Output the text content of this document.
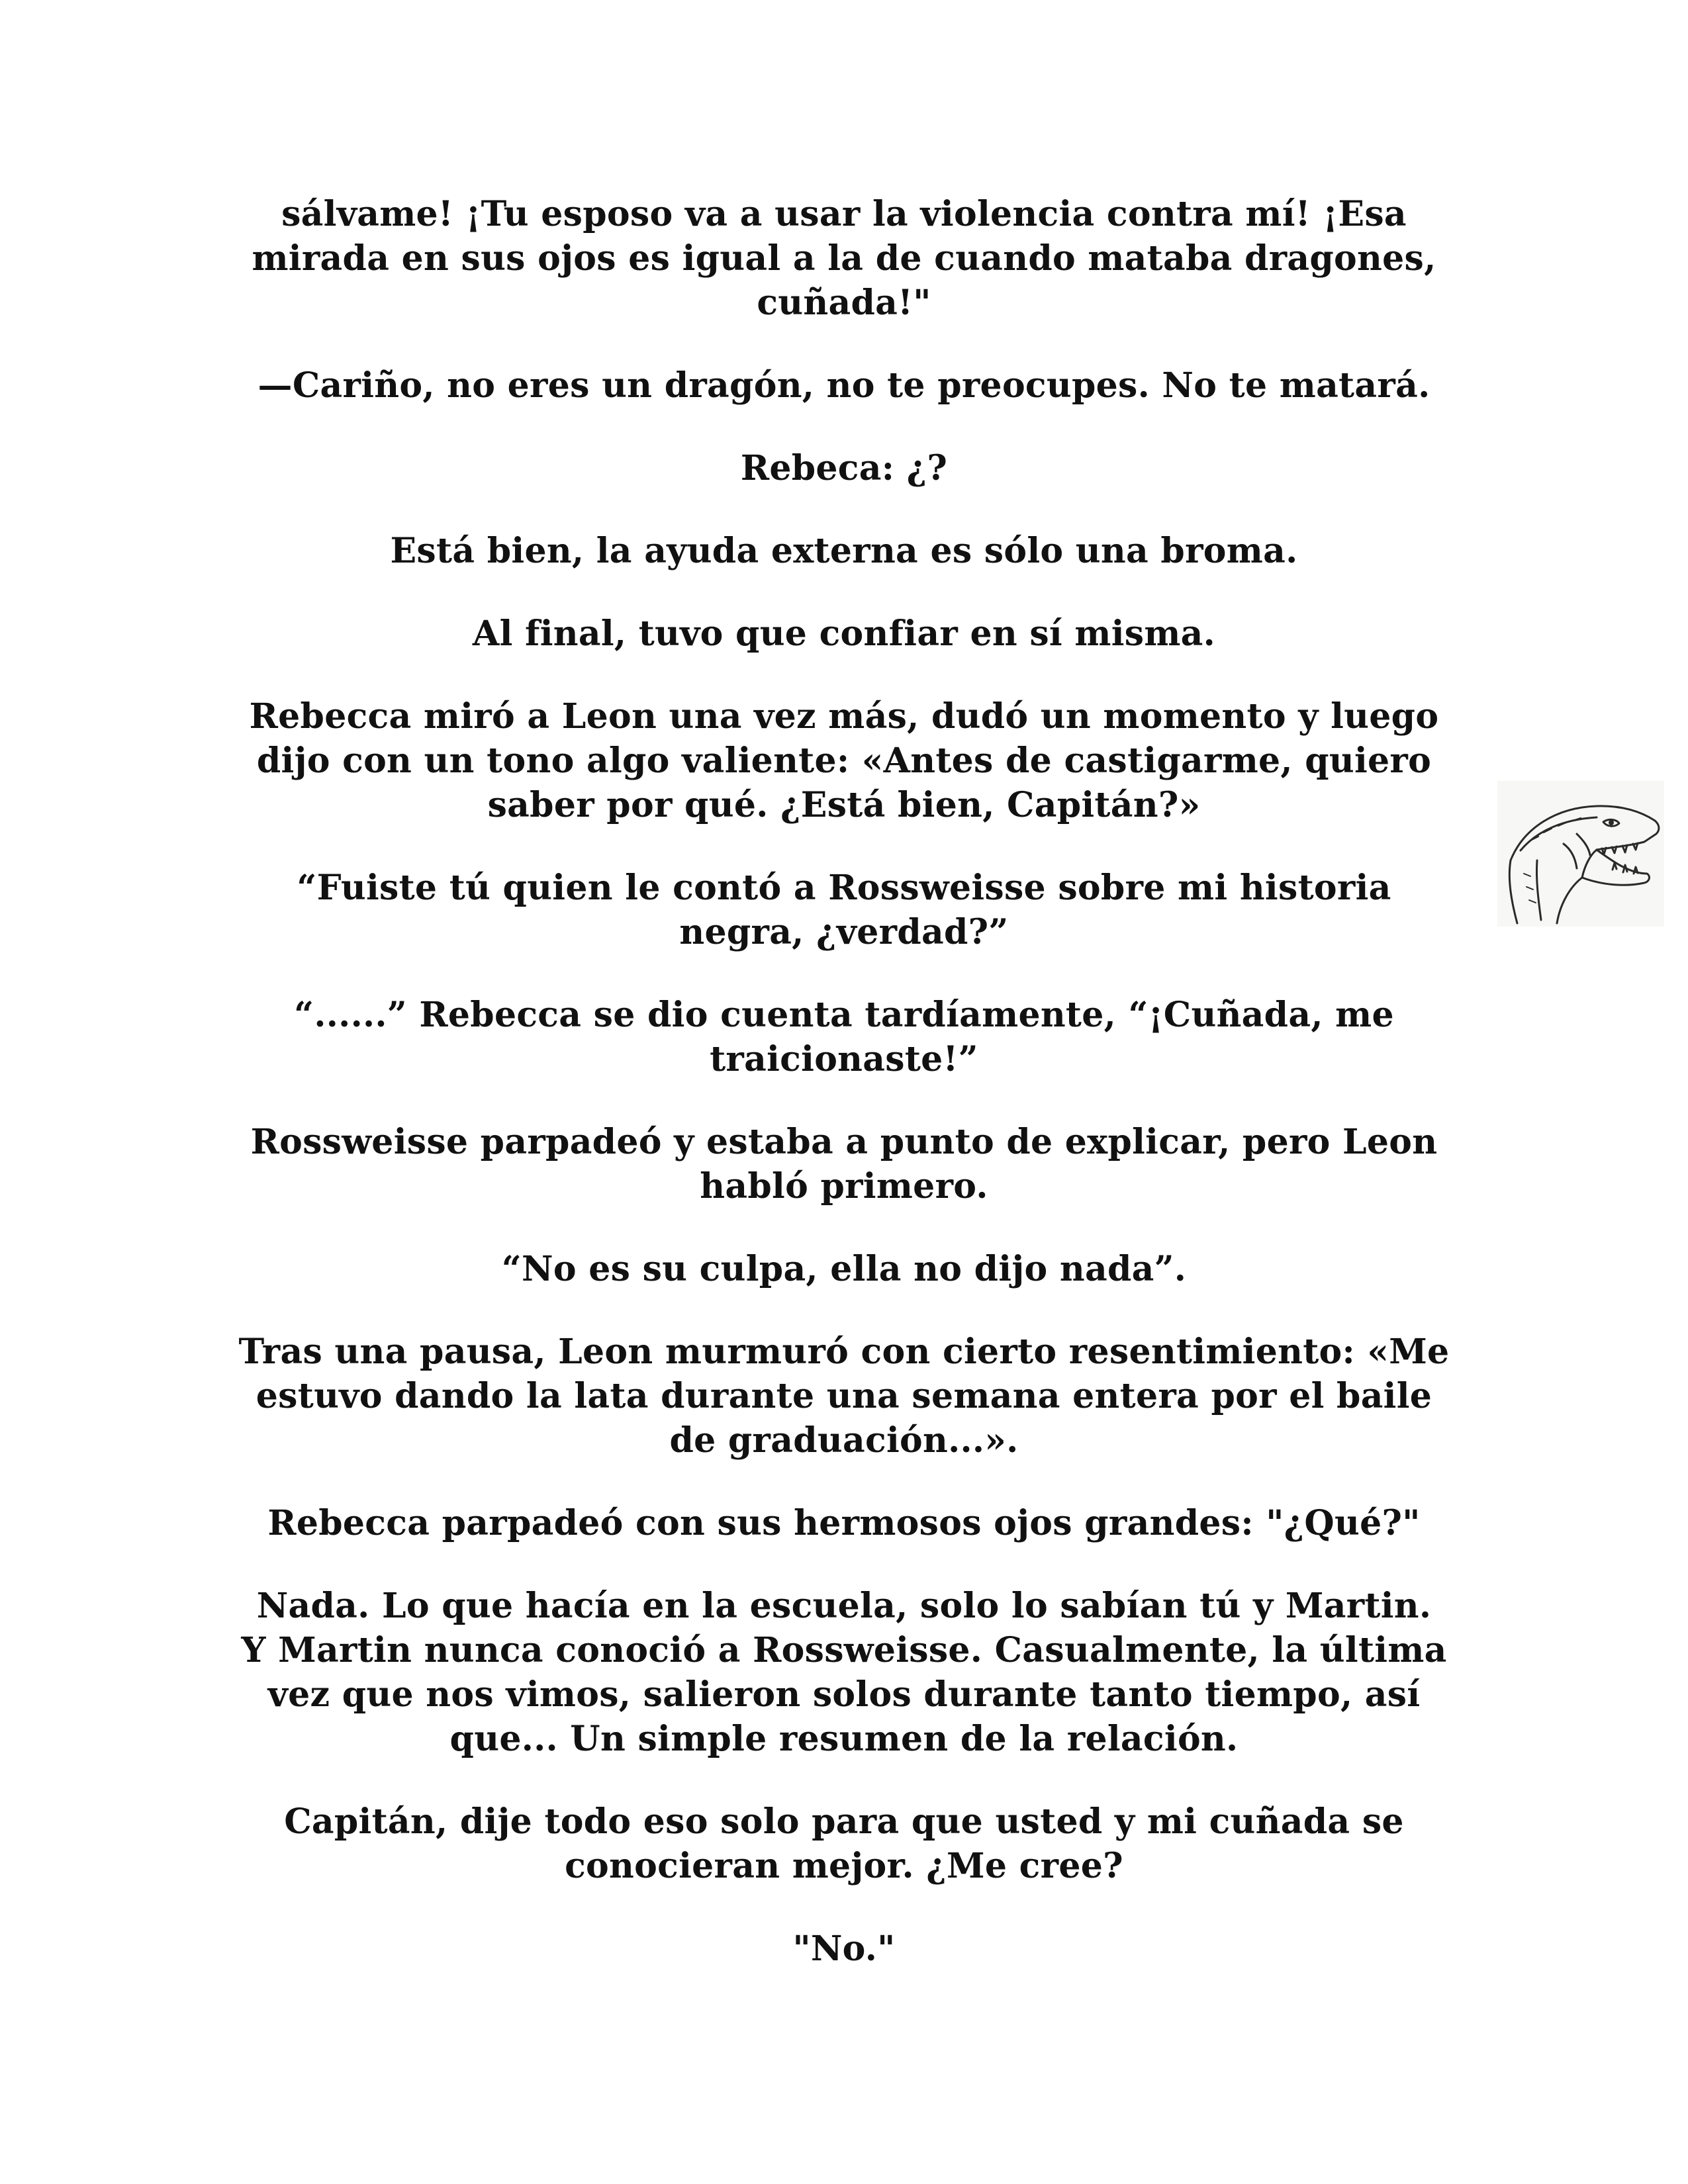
sálvame! ¡Tu esposo va a usar la violencia contra mí! ¡Esa mirada en sus ojos es igual a la de cuando mataba dragones, cuñada!"

—Cariño, no eres un dragón, no te preocupes. No te matará.

Rebeca: ¿?

Está bien, la ayuda externa es sólo una broma.

Al final, tuvo que confiar en sí misma.

Rebecca miró a Leon una vez más, dudó un momento y luego dijo con un tono algo valiente: «Antes de castigarme, quiero saber por qué. ¿Está bien, Capitán?»

“Fuiste tú quien le contó a Rossweisse sobre mi historia negra, ¿verdad?”

“......” Rebecca se dio cuenta tardíamente, “¡Cuñada, me traicionaste!”

Rossweisse parpadeó y estaba a punto de explicar, pero Leon habló primero.

“No es su culpa, ella no dijo nada”.

Tras una pausa, Leon murmuró con cierto resentimiento: «Me estuvo dando la lata durante una semana entera por el baile de graduación...».

Rebecca parpadeó con sus hermosos ojos grandes: "¿Qué?"

Nada. Lo que hacía en la escuela, solo lo sabían tú y Martin. Y Martin nunca conoció a Rossweisse. Casualmente, la última vez que nos vimos, salieron solos durante tanto tiempo, así que... Un simple resumen de la relación.

Capitán, dije todo eso solo para que usted y mi cuñada se conocieran mejor. ¿Me cree?

"No."
